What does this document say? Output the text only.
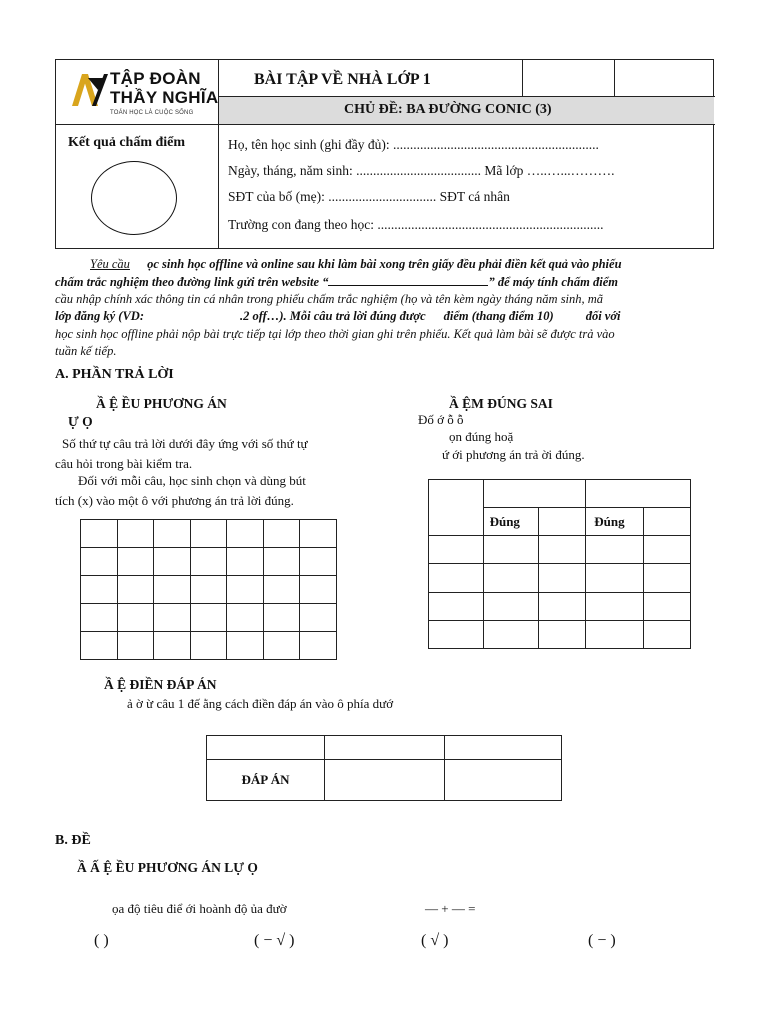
TẬP ĐOÀN
THẦY NGHĨA
TOÁN HỌC LÀ CUỘC SỐNG
BÀI TẬP VỀ NHÀ LỚP 1
CHỦ ĐỀ: BA ĐƯỜNG CONIC (3)
Kết quả chấm điểm	Họ, tên học sinh (ghi đầy đủ): .............................................................
Ngày, tháng, năm sinh: ..................................... Mã lớp …..…...……….
SĐT của bố (mẹ): ................................ SĐT cá nhân
Trường con đang theo học: ...................................................................
Yêu cầu ọc sinh học offline và online sau khi làm bài xong trên giấy đều phải điền kết quả vào phiếu
chấm trắc nghiệm theo đường link gửi trên website “	” để máy tính chấm điểm
cầu nhập chính xác thông tin cá nhân trong phiếu chấm trắc nghiệm (họ và tên kèm ngày tháng năm sinh, mã
lớp đăng ký (VD:	.2 off…). Mỗi câu trả lời đúng được điểm (thang điểm 10)	đối với
học sinh học offline phải nộp bài trực tiếp tại lớp theo thời gian ghi trên phiếu. Kết quả làm bài sẽ được trả vào
tuần kế tiếp.
A. PHẦN TRẢ LỜI
Ầ Ệ ỀU PHƯƠNG ÁN
Ự Ọ
Số thứ tự câu trả lời dưới đây ứng với số thứ tự
câu hỏi trong bài kiểm tra.
Đối với mỗi câu, học sinh chọn và dùng bút
tích (x) vào một ô với phương án trả lời đúng.

Ầ ỆM ĐÚNG SAI
Đố ớ ỗ ỗ
ọn đúng hoặ
ứ ới phương án trả ời đúng.

	Đúng		Đúng	

Ầ Ệ ĐIỀN ĐÁP ÁN
ả ờ ừ câu 1 đế ằng cách điền đáp án vào ô phía dướ

ĐÁP ÁN		
B. ĐỀ
Ầ Ấ Ệ ỀU PHƯƠNG ÁN LỰ Ọ
ọa độ tiêu điể ới hoành độ ủa đườ	— + — =
( )	( − √ )	( √ )	( − )
